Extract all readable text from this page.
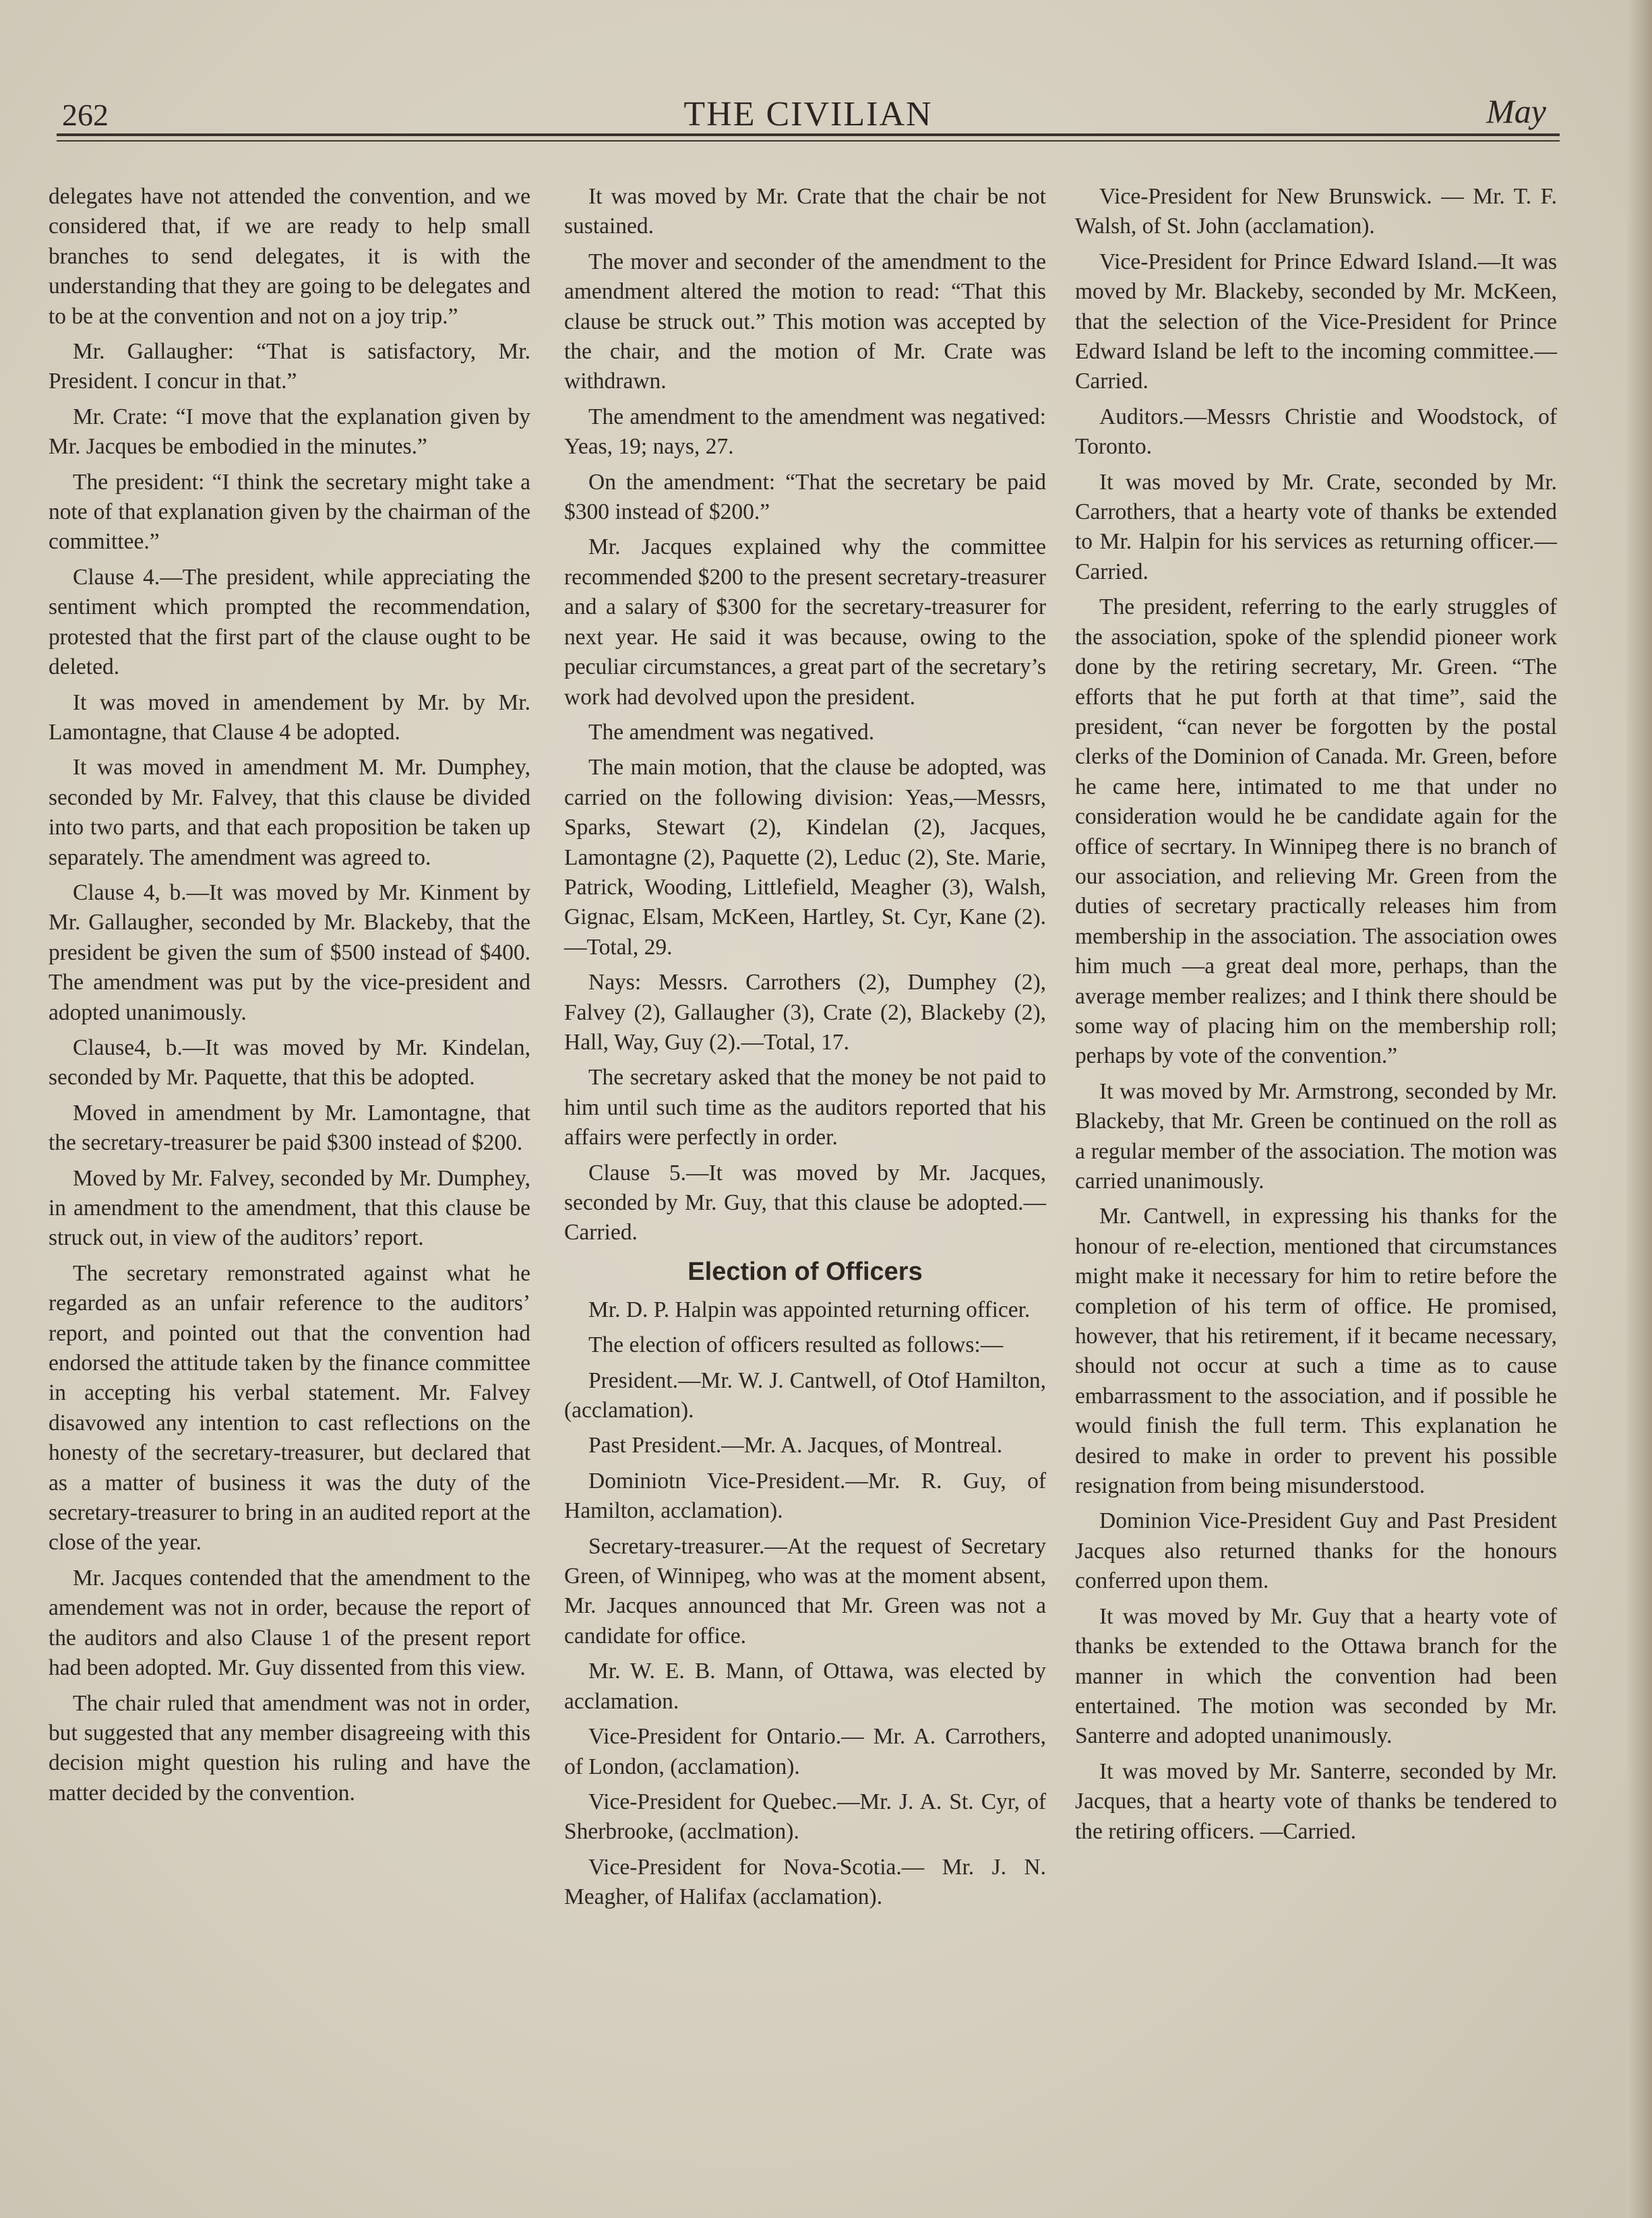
262	THE CIVILIAN	May

delegates have not attended the convention, and we considered that, if we are ready to help small branches to send delegates, it is with the understanding that they are going to be delegates and to be at the convention and not on a joy trip.”

Mr. Gallaugher: “That is satisfactory, Mr. President. I concur in that.”

Mr. Crate: “I move that the explanation given by Mr. Jacques be embodied in the minutes.”

The president: “I think the secretary might take a note of that explanation given by the chairman of the committee.”

Clause 4.—The president, while appreciating the sentiment which prompted the recommendation, protested that the first part of the clause ought to be deleted.

It was moved in amendement by Mr. by Mr. Lamontagne, that Clause 4 be adopted.

It was moved in amendment M. Mr. Dumphey, seconded by Mr. Falvey, that this clause be divided into two parts, and that each proposition be taken up separately. The amendment was agreed to.

Clause 4, b.—It was moved by Mr. Kinment by Mr. Gallaugher, seconded by Mr. Blackeby, that the president be given the sum of $500 instead of $400. The amendment was put by the vice-president and adopted unanimously.

Clause4, b.—It was moved by Mr. Kindelan, seconded by Mr. Paquette, that this be adopted.

Moved in amendment by Mr. Lamontagne, that the secretary-treasurer be paid $300 instead of $200.

Moved by Mr. Falvey, seconded by Mr. Dumphey, in amendment to the amendment, that this clause be struck out, in view of the auditors’ report.

The secretary remonstrated against what he regarded as an unfair reference to the auditors’ report, and pointed out that the convention had endorsed the attitude taken by the finance committee in accepting his verbal statement. Mr. Falvey disavowed any intention to cast reflections on the honesty of the secretary-treasurer, but declared that as a matter of business it was the duty of the secretary-treasurer to bring in an audited report at the close of the year.

Mr. Jacques contended that the amendment to the amendement was not in order, because the report of the auditors and also Clause 1 of the present report had been adopted. Mr. Guy dissented from this view.

The chair ruled that amendment was not in order, but suggested that any member disagreeing with this decision might question his ruling and have the matter decided by the convention.

It was moved by Mr. Crate that the chair be not sustained.

The mover and seconder of the amendment to the amendment altered the motion to read: “That this clause be struck out.” This motion was accepted by the chair, and the motion of Mr. Crate was withdrawn.

The amendment to the amendment was negatived: Yeas, 19; nays, 27.

On the amendment: “That the secretary be paid $300 instead of $200.”

Mr. Jacques explained why the committee recommended $200 to the present secretary-treasurer and a salary of $300 for the secretary-treasurer for next year. He said it was because, owing to the peculiar circumstances, a great part of the secretary’s work had devolved upon the president.

The amendment was negatived.

The main motion, that the clause be adopted, was carried on the following division: Yeas,—Messrs, Sparks, Stewart (2), Kindelan (2), Jacques, Lamontagne (2), Paquette (2), Leduc (2), Ste. Marie, Patrick, Wooding, Littlefield, Meagher (3), Walsh, Gignac, Elsam, McKeen, Hartley, St. Cyr, Kane (2).—Total, 29.

Nays: Messrs. Carrothers (2), Dumphey (2), Falvey (2), Gallaugher (3), Crate (2), Blackeby (2), Hall, Way, Guy (2).—Total, 17.

The secretary asked that the money be not paid to him until such time as the auditors reported that his affairs were perfectly in order.

Clause 5.—It was moved by Mr. Jacques, seconded by Mr. Guy, that this clause be adopted.—Carried.

Election of Officers

Mr. D. P. Halpin was appointed returning officer.

The election of officers resulted as follows:—

President.—Mr. W. J. Cantwell, of Otof Hamilton, (acclamation).

Past President.—Mr. A. Jacques, of Montreal.

Dominiotn Vice-President.—Mr. R. Guy, of Hamilton, acclamation).

Secretary-treasurer.—At the request of Secretary Green, of Winnipeg, who was at the moment absent, Mr. Jacques announced that Mr. Green was not a candidate for office.

Mr. W. E. B. Mann, of Ottawa, was elected by acclamation.

Vice-President for Ontario.— Mr. A. Carrothers, of London, (acclamation).

Vice-President for Quebec.—Mr. J. A. St. Cyr, of Sherbrooke, (acclmation).

Vice-President for Nova-Scotia.— Mr. J. N. Meagher, of Halifax (acclamation).

Vice-President for New Brunswick. — Mr. T. F. Walsh, of St. John (acclamation).

Vice-President for Prince Edward Island.—It was moved by Mr. Blackeby, seconded by Mr. McKeen, that the selection of the Vice-President for Prince Edward Island be left to the incoming committee.—Carried.

Auditors.—Messrs Christie and Woodstock, of Toronto.

It was moved by Mr. Crate, seconded by Mr. Carrothers, that a hearty vote of thanks be extended to Mr. Halpin for his services as returning officer.—Carried.

The president, referring to the early struggles of the association, spoke of the splendid pioneer work done by the retiring secretary, Mr. Green. “The efforts that he put forth at that time”, said the president, “can never be forgotten by the postal clerks of the Dominion of Canada. Mr. Green, before he came here, intimated to me that under no consideration would he be candidate again for the office of secrtary. In Winnipeg there is no branch of our association, and relieving Mr. Green from the duties of secretary practically releases him from membership in the association. The association owes him much —a great deal more, perhaps, than the average member realizes; and I think there should be some way of placing him on the membership roll; perhaps by vote of the convention.”

It was moved by Mr. Armstrong, seconded by Mr. Blackeby, that Mr. Green be continued on the roll as a regular member of the association. The motion was carried unanimously.

Mr. Cantwell, in expressing his thanks for the honour of re-election, mentioned that circumstances might make it necessary for him to retire before the completion of his term of office. He promised, however, that his retirement, if it became necessary, should not occur at such a time as to cause embarrassment to the association, and if possible he would finish the full term. This explanation he desired to make in order to prevent his possible resignation from being misunderstood.

Dominion Vice-President Guy and Past President Jacques also returned thanks for the honours conferred upon them.

It was moved by Mr. Guy that a hearty vote of thanks be extended to the Ottawa branch for the manner in which the convention had been entertained. The motion was seconded by Mr. Santerre and adopted unanimously.

It was moved by Mr. Santerre, seconded by Mr. Jacques, that a hearty vote of thanks be tendered to the retiring officers. —Carried.
